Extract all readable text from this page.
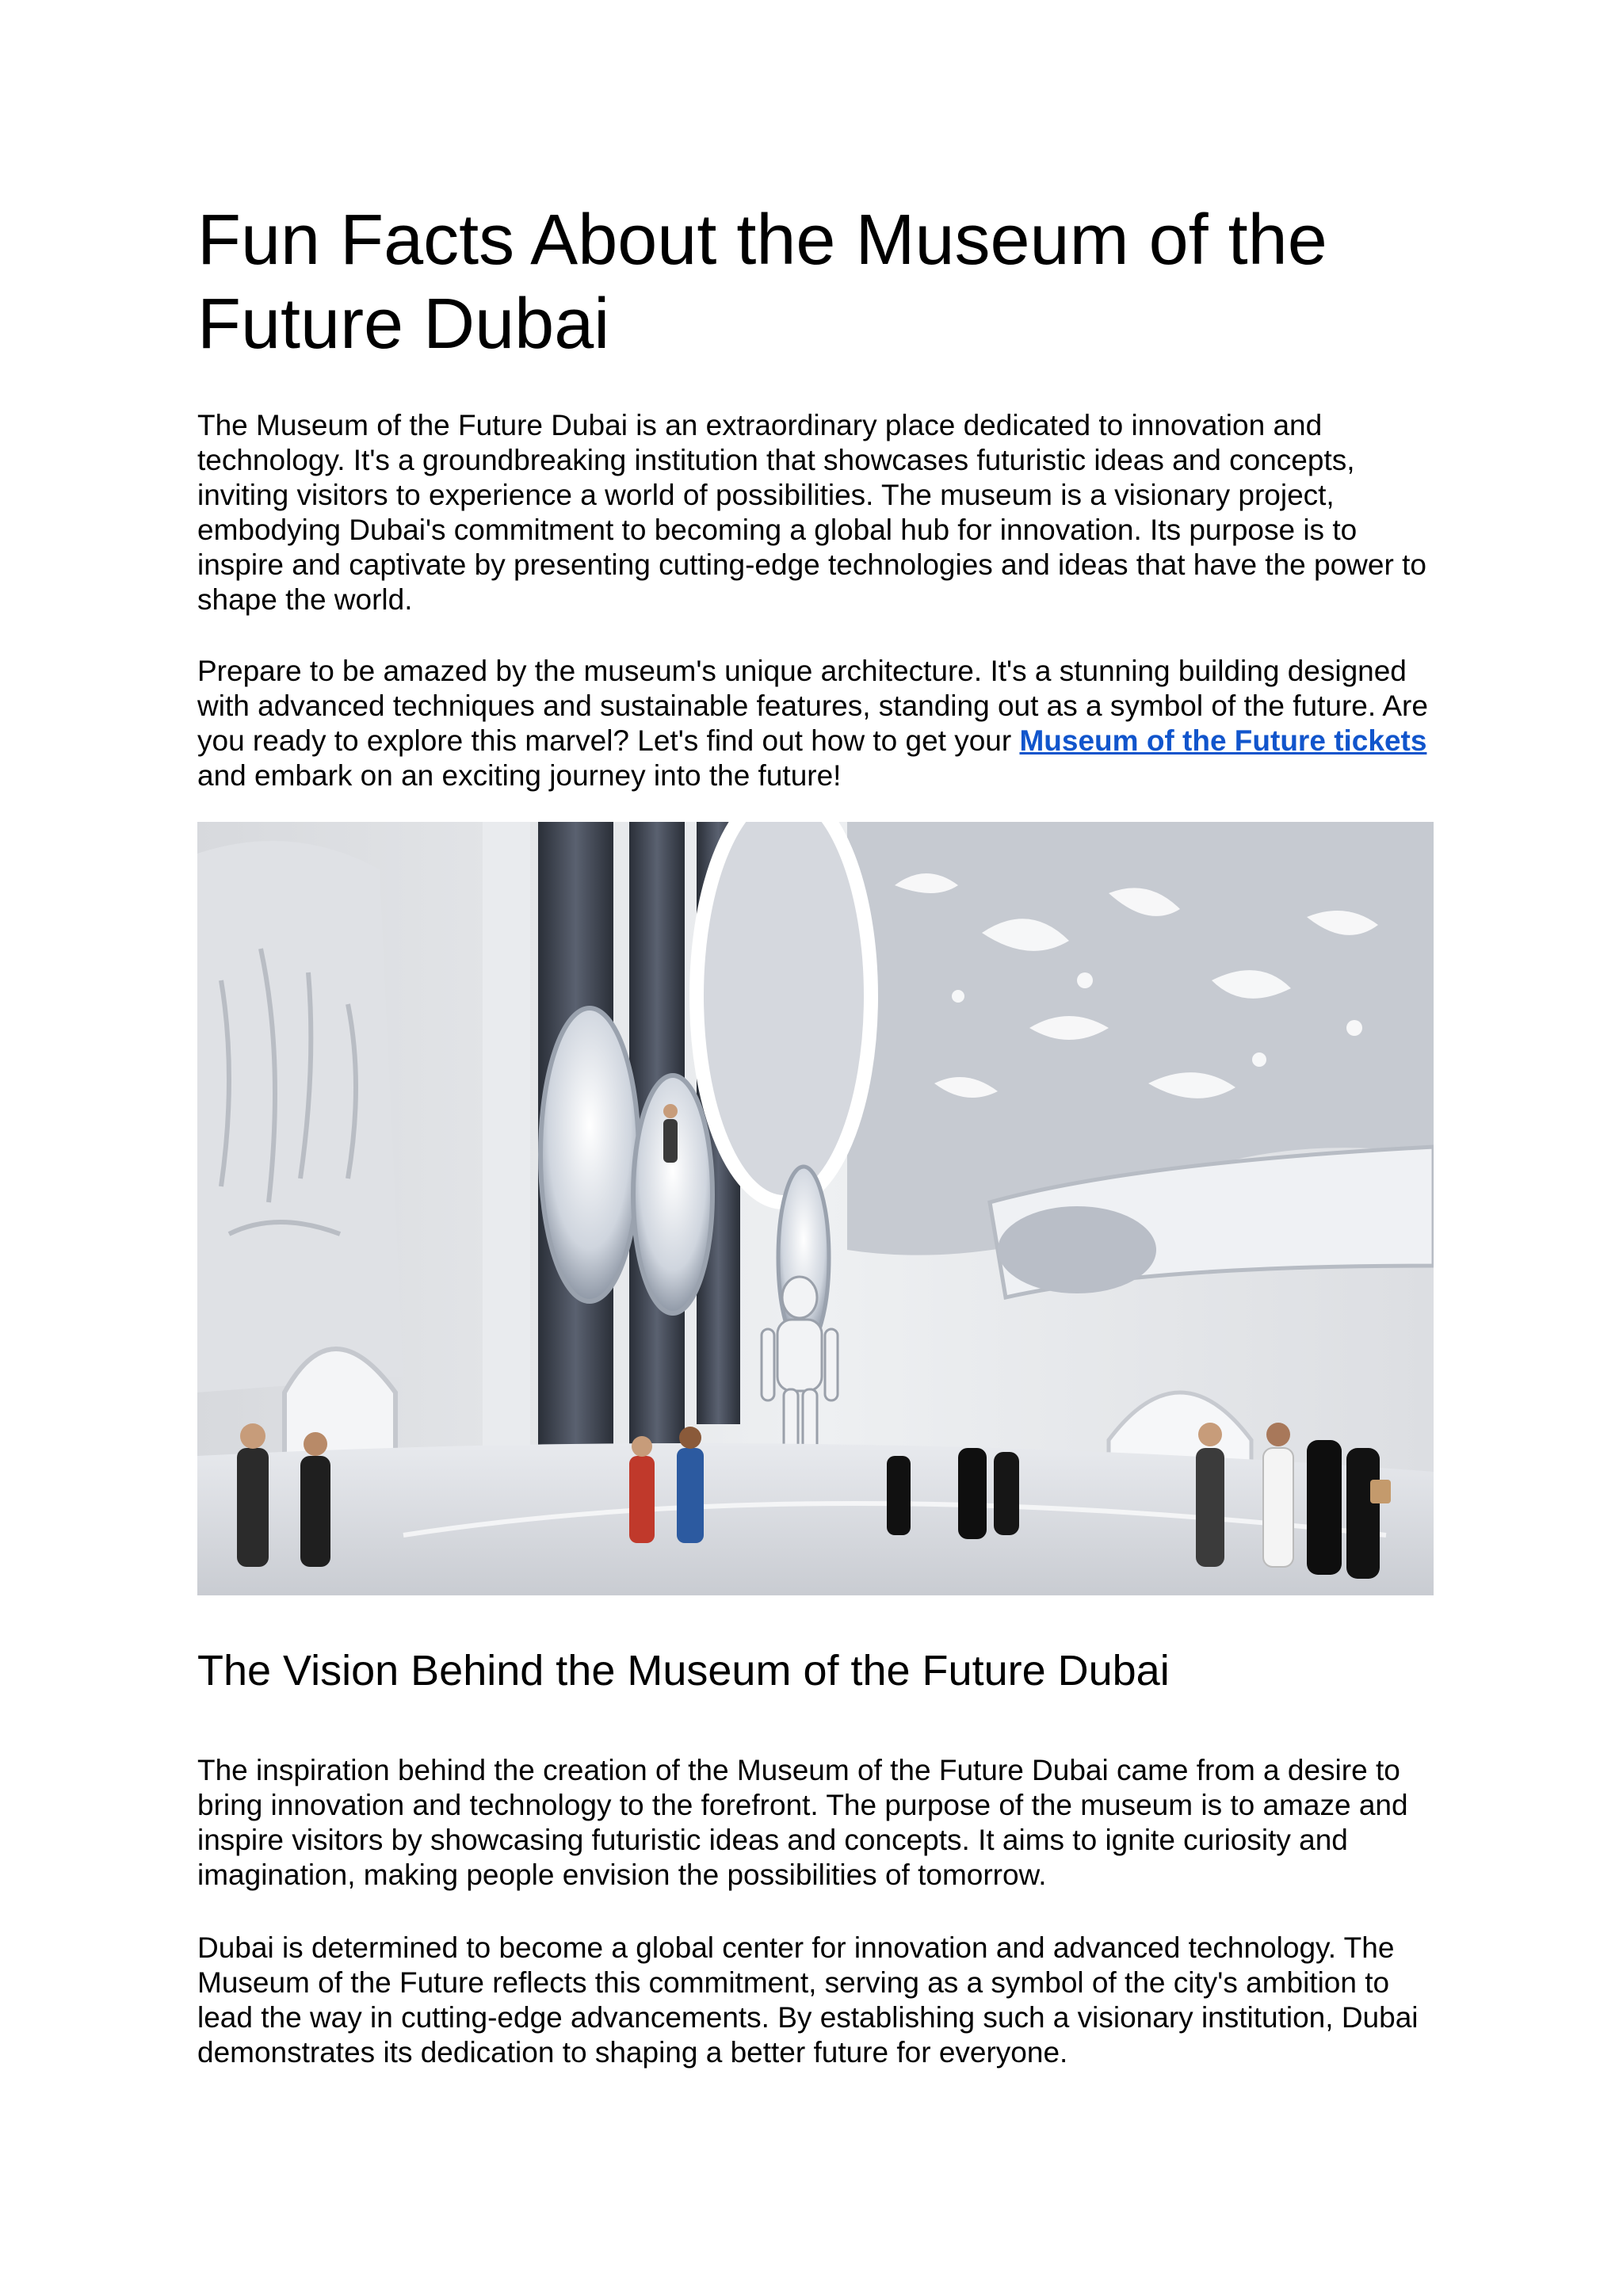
Fun Facts About the Museum of the Future Dubai

The Museum of the Future Dubai is an extraordinary place dedicated to innovation and technology. It's a groundbreaking institution that showcases futuristic ideas and concepts, inviting visitors to experience a world of possibilities. The museum is a visionary project, embodying Dubai's commitment to becoming a global hub for innovation. Its purpose is to inspire and captivate by presenting cutting-edge technologies and ideas that have the power to shape the world.

Prepare to be amazed by the museum's unique architecture. It's a stunning building designed with advanced techniques and sustainable features, standing out as a symbol of the future. Are you ready to explore this marvel? Let's find out how to get your Museum of the Future tickets and embark on an exciting journey into the future!

The Vision Behind the Museum of the Future Dubai

The inspiration behind the creation of the Museum of the Future Dubai came from a desire to bring innovation and technology to the forefront. The purpose of the museum is to amaze and inspire visitors by showcasing futuristic ideas and concepts. It aims to ignite curiosity and imagination, making people envision the possibilities of tomorrow.

Dubai is determined to become a global center for innovation and advanced technology. The Museum of the Future reflects this commitment, serving as a symbol of the city's ambition to lead the way in cutting-edge advancements. By establishing such a visionary institution, Dubai demonstrates its dedication to shaping a better future for everyone.
